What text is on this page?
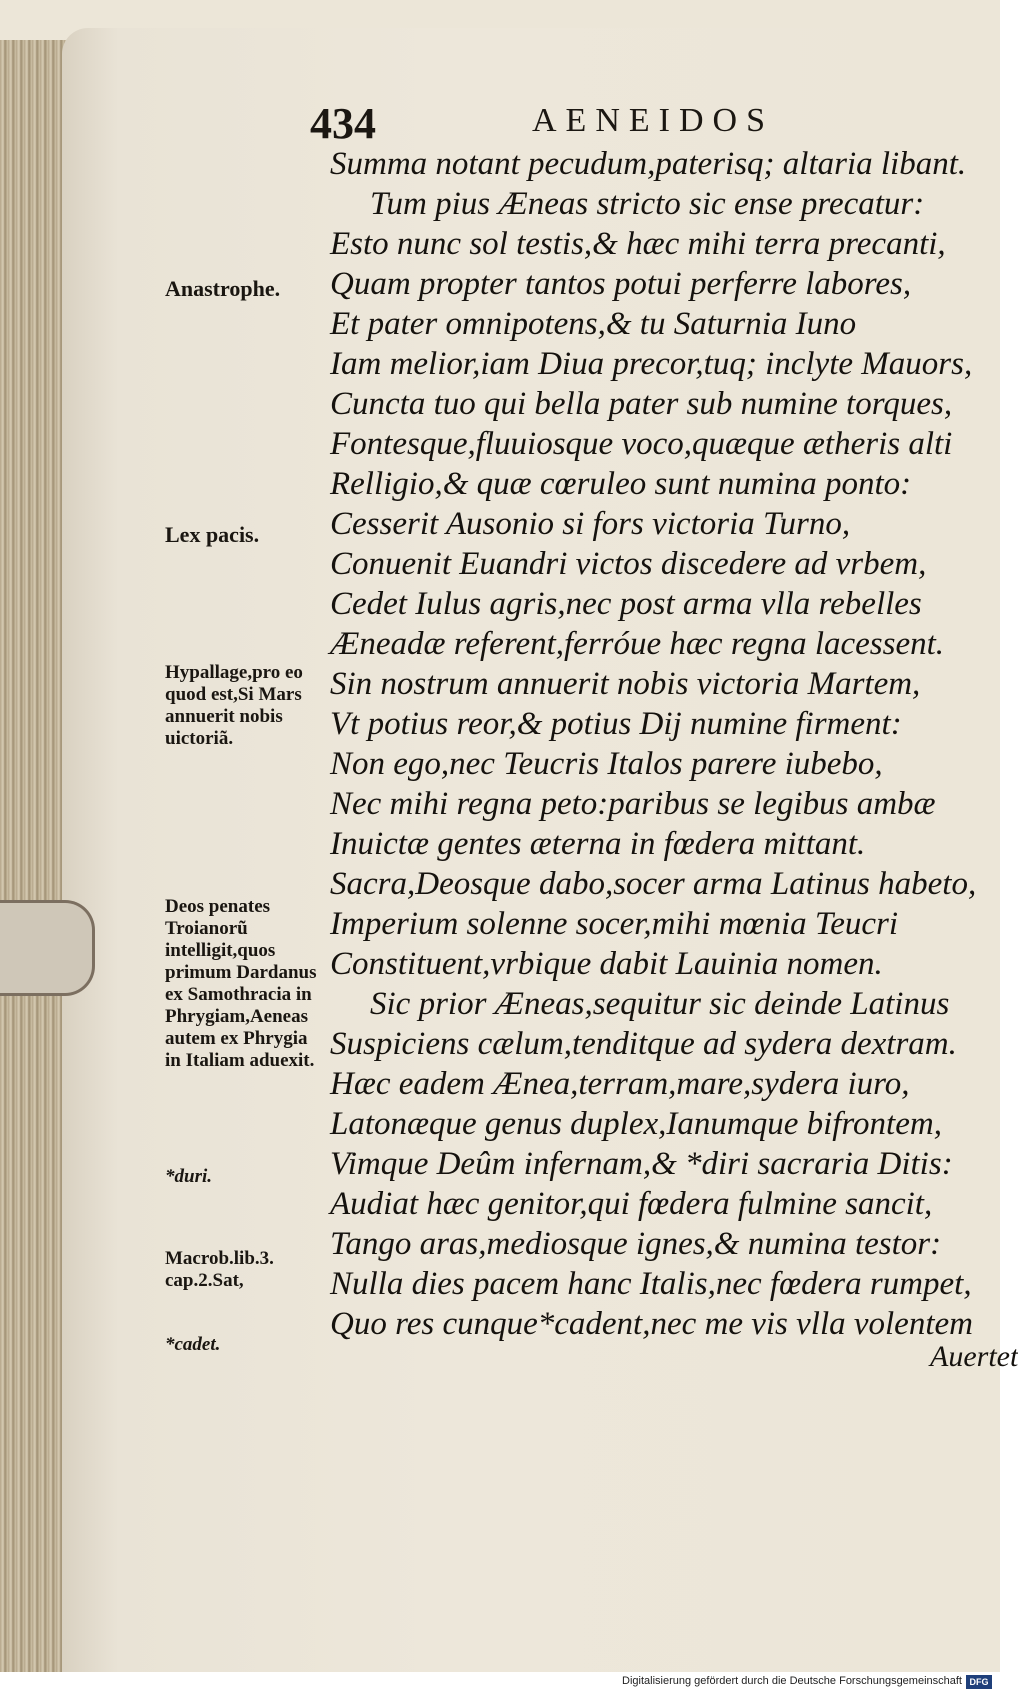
434	AENEIDOS
Summa notant pecudum,paterisq; altaria libant.
Tum pius Æneas stricto sic ense precatur:
Esto nunc sol testis,& hæc mihi terra precanti,
Quam propter tantos potui perferre labores,
Et pater omnipotens,& tu Saturnia Iuno
Iam melior,iam Diua precor,tuq; inclyte Mauors,
Cuncta tuo qui bella pater sub numine torques,
Fontesque,fluuiosque voco,quæque ætheris alti
Relligio,& quæ cœruleo sunt numina ponto:
Cesserit Ausonio si fors victoria Turno,
Conuenit Euandri victos discedere ad vrbem,
Cedet Iulus agris,nec post arma vlla rebelles
Æneadæ referent,ferróue hæc regna lacessent.
Sin nostrum annuerit nobis victoria Martem,
Vt potius reor,& potius Dij numine firment:
Non ego,nec Teucris Italos parere iubebo,
Nec mihi regna peto:paribus se legibus ambæ
Inuictæ gentes æterna in fœdera mittant.
Sacra,Deosque dabo,socer arma Latinus habeto,
Imperium solenne socer,mihi mœnia Teucri
Constituent,vrbique dabit Lauinia nomen.
Sic prior Æneas,sequitur sic deinde Latinus
Suspiciens cælum,tenditque ad sydera dextram.
Hæc eadem Ænea,terram,mare,sydera iuro,
Latonæque genus duplex,Ianumque bifrontem,
Vimque Deûm infernam,& *diri sacraria Ditis:
Audiat hæc genitor,qui fœdera fulmine sancit,
Tango aras,mediosque ignes,& numina testor:
Nulla dies pacem hanc Italis,nec fœdera rumpet,
Quo res cunque*cadent,nec me vis vlla volentem
Auertet
Anastrophe.
Lex pacis.
Hypallage,pro eo quod est,Si Mars annuerit nobis uictoriã.
Deos penates Troianorũ intelligit,quos primum Dardanus ex Samothracia in Phrygiam,Aeneas autem ex Phrygia in Italiam aduexit.
*duri.
Macrob.lib.3. cap.2.Sat,
*cadet.
Digitalisierung gefördert durch die Deutsche Forschungsgemeinschaft DFG
